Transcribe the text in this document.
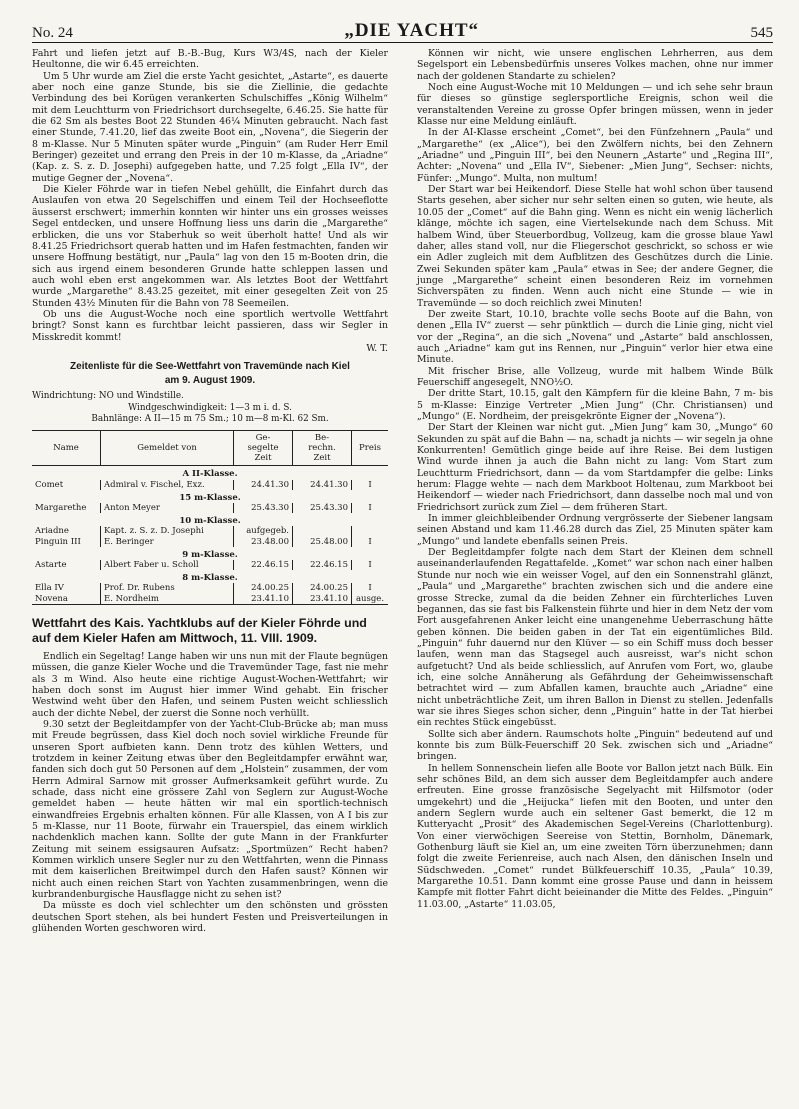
No. 24	„DIE YACHT“	545

Fahrt und liefen jetzt auf B.-B.-Bug, Kurs W3/4S, nach der Kieler Heultonne, die wir 6.45 erreichten.

Um 5 Uhr wurde am Ziel die erste Yacht gesichtet, „Astarte“, es dauerte aber noch eine ganze Stunde, bis sie die Ziellinie, die gedachte Verbindung des bei Korügen verankerten Schulschiffes „König Wilhelm“ mit dem Leuchtturm von Friedrichsort durchsegelte, 6.46.25. Sie hatte für die 62 Sm als bestes Boot 22 Stunden 46¼ Minuten gebraucht. Nach fast einer Stunde, 7.41.20, lief das zweite Boot ein, „Novena“, die Siegerin der 8 m-Klasse. Nur 5 Minuten später wurde „Pinguin“ (am Ruder Herr Emil Beringer) gezeitet und errang den Preis in der 10 m-Klasse, da „Ariadne“ (Kap. z. S. z. D. Josephi) aufgegeben hatte, und 7.25 folgt „Ella IV“, der mutige Gegner der „Novena“.

Die Kieler Föhrde war in tiefen Nebel gehüllt, die Einfahrt durch das Auslaufen von etwa 20 Segelschiffen und einem Teil der Hochseeflotte äusserst erschwert; immerhin konnten wir hinter uns ein grosses weisses Segel entdecken, und unsere Hoffnung liess uns darin die „Margarethe“ erblicken, die uns vor Staberhuk so weit überholt hatte! Und als wir 8.41.25 Friedrichsort querab hatten und im Hafen festmachten, fanden wir unsere Hoffnung bestätigt, nur „Paula“ lag von den 15 m-Booten drin, die sich aus irgend einem besonderen Grunde hatte schleppen lassen und auch wohl eben erst angekommen war. Als letztes Boot der Wettfahrt wurde „Margarethe“ 8.43.25 gezeitet, mit einer gesegelten Zeit von 25 Stunden 43½ Minuten für die Bahn von 78 Seemeilen.

Ob uns die August-Woche noch eine sportlich wertvolle Wettfahrt bringt? Sonst kann es furchtbar leicht passieren, dass wir Segler in Misskredit kommt!

W. T.

Zeitenliste für die See-Wettfahrt von Travemünde nach Kiel
am 9. August 1909.
Windrichtung: NO und Windstille.
Windgeschwindigkeit: 1—3 m i. d. S.
Bahnlänge: A II—15 m 75 Sm.; 10 m—8 m-Kl. 62 Sm.
Name	Gemeldet von	Ge-
segelte
Zeit	Be-
rechn.
Zeit	Preis
A II-Klasse.				
Comet	Admiral v. Fischel, Exz.	24.41.30	24.41.30	I
15 m-Klasse.				
Margarethe	Anton Meyer	25.43.30	25.43.30	I
10 m-Klasse.				
Ariadne	Kapt. z. S. z. D. Josephi	aufgegeb.		
Pinguin III	E. Beringer	23.48.00	25.48.00	I
9 m-Klasse.				
Astarte	Albert Faber u. Scholl	22.46.15	22.46.15	I
8 m-Klasse.				
Ella IV	Prof. Dr. Rubens	24.00.25	24.00.25	I
Novena	E. Nordheim	23.41.10	23.41.10	ausge.
Wettfahrt des Kais. Yachtklubs auf der Kieler Föhrde und auf dem Kieler Hafen am Mittwoch, 11. VIII. 1909.

Endlich ein Segeltag! Lange haben wir uns nun mit der Flaute begnügen müssen, die ganze Kieler Woche und die Travemünder Tage, fast nie mehr als 3 m Wind. Also heute eine richtige August-Wochen-Wettfahrt; wir haben doch sonst im August hier immer Wind gehabt. Ein frischer Westwind weht über den Hafen, und seinem Pusten weicht schliesslich auch der dichte Nebel, der zuerst die Sonne noch verhüllt.

9.30 setzt der Begleitdampfer von der Yacht-Club-Brücke ab; man muss mit Freude begrüssen, dass Kiel doch noch soviel wirkliche Freunde für unseren Sport aufbieten kann. Denn trotz des kühlen Wetters, und trotzdem in keiner Zeitung etwas über den Begleitdampfer erwähnt war, fanden sich doch gut 50 Personen auf dem „Holstein“ zusammen, der vom Herrn Admiral Sarnow mit grosser Aufmerksamkeit geführt wurde. Zu schade, dass nicht eine grössere Zahl von Seglern zur August-Woche gemeldet haben — heute hätten wir mal ein sportlich-technisch einwandfreies Ergebnis erhalten können. Für alle Klassen, von A I bis zur 5 m-Klasse, nur 11 Boote, fürwahr ein Trauerspiel, das einem wirklich nachdenklich machen kann. Sollte der gute Mann in der Frankfurter Zeitung mit seinem essigsauren Aufsatz: „Sportmüzen“ Recht haben? Kommen wirklich unsere Segler nur zu den Wettfahrten, wenn die Pinnass mit dem kaiserlichen Breitwimpel durch den Hafen saust? Können wir nicht auch einen reichen Start von Yachten zusammenbringen, wenn die kurbrandenburgische Hausflagge nicht zu sehen ist?

Da müsste es doch viel schlechter um den schönsten und grössten deutschen Sport stehen, als bei hundert Festen und Preisverteilungen in glühenden Worten geschworen wird.

Können wir nicht, wie unsere englischen Lehrherren, aus dem Segelsport ein Lebensbedürfnis unseres Volkes machen, ohne nur immer nach der goldenen Standarte zu schielen?

Noch eine August-Woche mit 10 Meldungen — und ich sehe sehr braun für dieses so günstige seglersportliche Ereignis, schon weil die veranstaltenden Vereine zu grosse Opfer bringen müssen, wenn in jeder Klasse nur eine Meldung einläuft.

In der AI-Klasse erscheint „Comet“, bei den Fünfzehnern „Paula“ und „Margarethe“ (ex „Alice“), bei den Zwölfern nichts, bei den Zehnern „Ariadne“ und „Pinguin III“, bei den Neunern „Astarte“ und „Regina III“, Achter: „Novena“ und „Ella IV“, Siebener: „Mien Jung“, Sechser: nichts, Fünfer: „Mungo“. Multa, non multum!

Der Start war bei Heikendorf. Diese Stelle hat wohl schon über tausend Starts gesehen, aber sicher nur sehr selten einen so guten, wie heute, als 10.05 der „Comet“ auf die Bahn ging. Wenn es nicht ein wenig lächerlich klänge, möchte ich sagen, eine Viertelsekunde nach dem Schuss. Mit halbem Wind, über Steuerbordbug, Vollzeug, kam die grosse blaue Yawl daher, alles stand voll, nur die Fliegerschot geschrickt, so schoss er wie ein Adler zugleich mit dem Aufblitzen des Geschützes durch die Linie. Zwei Sekunden später kam „Paula“ etwas in See; der andere Gegner, die junge „Margarethe“ scheint einen besonderen Reiz im vornehmen Sichverspäten zu finden. Wenn auch nicht eine Stunde — wie in Travemünde — so doch reichlich zwei Minuten!

Der zweite Start, 10.10, brachte volle sechs Boote auf die Bahn, von denen „Ella IV“ zuerst — sehr pünktlich — durch die Linie ging, nicht viel vor der „Regina“, an die sich „Novena“ und „Astarte“ bald anschlossen, auch „Ariadne“ kam gut ins Rennen, nur „Pinguin“ verlor hier etwa eine Minute.

Mit frischer Brise, alle Vollzeug, wurde mit halbem Winde Bülk Feuerschiff angesegelt, NNO½O.

Der dritte Start, 10.15, galt den Kämpfern für die kleine Bahn, 7 m- bis 5 m-Klasse: Einzige Vertreter „Mien Jung“ (Chr. Christiansen) und „Mungo“ (E. Nordheim, der preisgekrönte Eigner der „Novena“).

Der Start der Kleinen war nicht gut. „Mien Jung“ kam 30, „Mungo“ 60 Sekunden zu spät auf die Bahn — na, schadt ja nichts — wir segeln ja ohne Konkurrenten! Gemütlich ginge beide auf ihre Reise. Bei dem lustigen Wind wurde ihnen ja auch die Bahn nicht zu lang: Vom Start zum Leuchtturm Friedrichsort, dann — da vom Startdampfer die gelbe: Links herum: Flagge wehte — nach dem Markboot Holtenau, zum Markboot bei Heikendorf — wieder nach Friedrichsort, dann dasselbe noch mal und von Friedrichsort zurück zum Ziel — dem früheren Start.

In immer gleichbleibender Ordnung vergrösserte der Siebener langsam seinen Abstand und kam 11.46.28 durch das Ziel, 25 Minuten später kam „Mungo“ und landete ebenfalls seinen Preis.

Der Begleitdampfer folgte nach dem Start der Kleinen dem schnell auseinanderlaufenden Regattafelde. „Komet“ war schon nach einer halben Stunde nur noch wie ein weisser Vogel, auf den ein Sonnenstrahl glänzt, „Paula“ und „Margarethe“ brachten zwischen sich und die andere eine grosse Strecke, zumal da die beiden Zehner ein fürchterliches Luven begannen, das sie fast bis Falkenstein führte und hier in dem Netz der vom Fort ausgefahrenen Anker leicht eine unangenehme Ueberraschung hätte geben können. Die beiden gaben in der Tat ein eigentümliches Bild. „Pinguin“ fuhr dauernd nur den Klüver — so ein Schiff muss doch besser laufen, wenn man das Stagsegel auch ausreisst, war's nicht schon aufgetucht? Und als beide schliesslich, auf Anrufen vom Fort, wo, glaube ich, eine solche Annäherung als Gefährdung der Geheimwissenschaft betrachtet wird — zum Abfallen kamen, brauchte auch „Ariadne“ eine nicht unbeträchtliche Zeit, um ihren Ballon in Dienst zu stellen. Jedenfalls war sie ihres Sieges schon sicher, denn „Pinguin“ hatte in der Tat hierbei ein rechtes Stück eingebüsst.

Sollte sich aber ändern. Raumschots holte „Pinguin“ bedeutend auf und konnte bis zum Bülk-Feuerschiff 20 Sek. zwischen sich und „Ariadne“ bringen.

In hellem Sonnenschein liefen alle Boote vor Ballon jetzt nach Bülk. Ein sehr schönes Bild, an dem sich ausser dem Begleitdampfer auch andere erfreuten. Eine grosse französische Segelyacht mit Hilfsmotor (oder umgekehrt) und die „Heijucka“ liefen mit den Booten, und unter den andern Seglern wurde auch ein seltener Gast bemerkt, die 12 m Kutteryacht „Prosit“ des Akademischen Segel-Vereins (Charlottenburg). Von einer vierwöchigen Seereise von Stettin, Bornholm, Dänemark, Gothenburg läuft sie Kiel an, um eine zweiten Törn überzunehmen; dann folgt die zweite Ferienreise, auch nach Alsen, den dänischen Inseln und Südschweden. „Comet“ rundet Bülkfeuerschiff 10.35, „Paula“ 10.39, Margarethe 10.51. Dann kommt eine grosse Pause und dann in heissem Kampfe mit flotter Fahrt dicht beieinander die Mitte des Feldes. „Pinguin“ 11.03.00, „Astarte“ 11.03.05,
